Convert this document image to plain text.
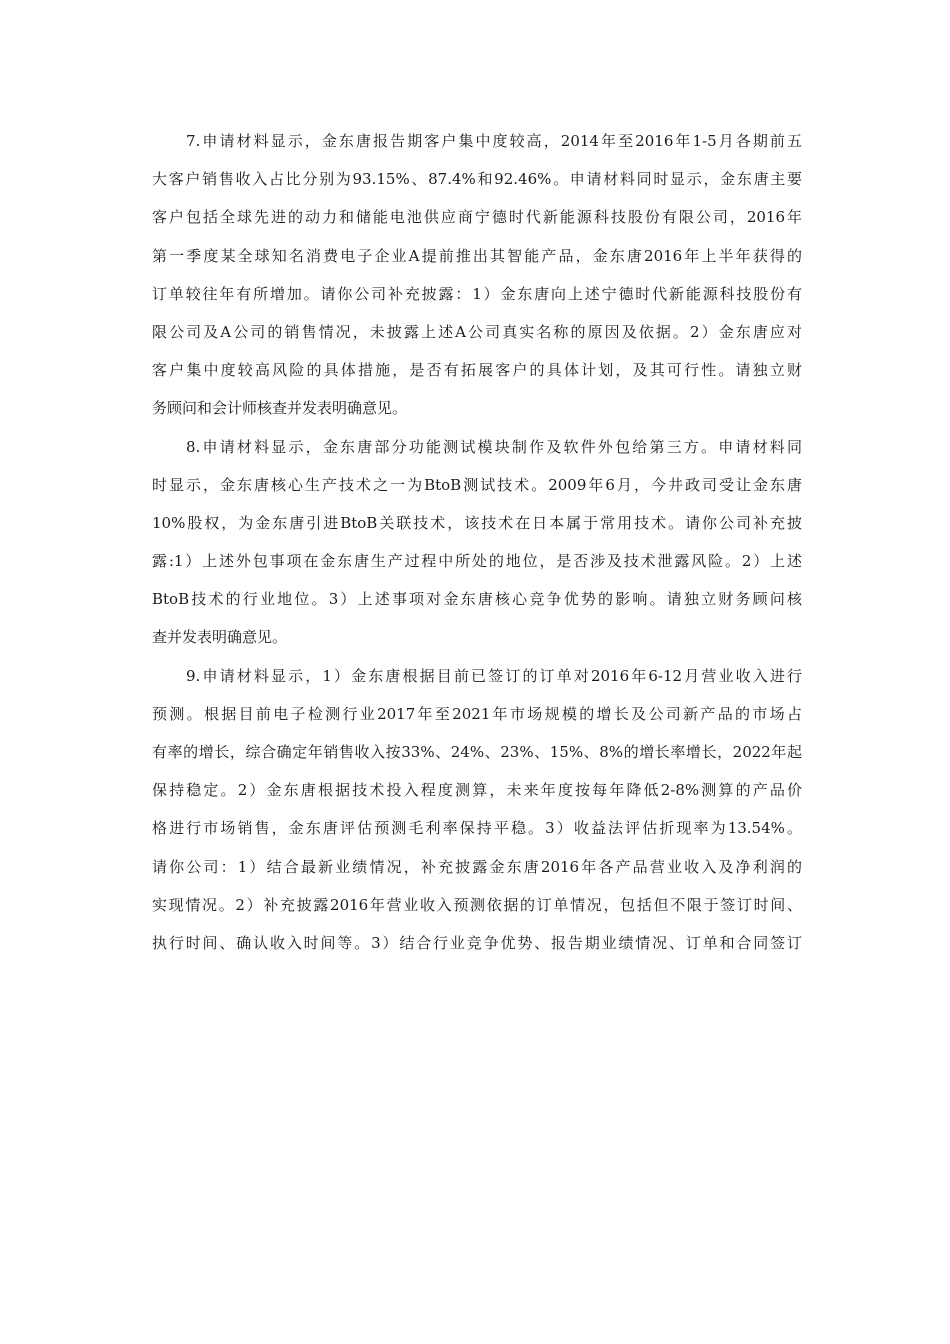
7.申请材料显示，金东唐报告期客户集中度较高，2014年至2016年1-5月各期前五
大客户销售收入占比分别为93.15%、87.4%和92.46%。申请材料同时显示，金东唐主要
客户包括全球先进的动力和储能电池供应商宁德时代新能源科技股份有限公司，2016年
第一季度某全球知名消费电子企业A提前推出其智能产品，金东唐2016年上半年获得的
订单较往年有所增加。请你公司补充披露：1）金东唐向上述宁德时代新能源科技股份有
限公司及A公司的销售情况，未披露上述A公司真实名称的原因及依据。2）金东唐应对
客户集中度较高风险的具体措施，是否有拓展客户的具体计划，及其可行性。请独立财
务顾问和会计师核查并发表明确意见。
8.申请材料显示，金东唐部分功能测试模块制作及软件外包给第三方。申请材料同
时显示，金东唐核心生产技术之一为BtoB测试技术。2009年6月，今井政司受让金东唐
10%股权，为金东唐引进BtoB关联技术，该技术在日本属于常用技术。请你公司补充披
露:1）上述外包事项在金东唐生产过程中所处的地位，是否涉及技术泄露风险。2）上述
BtoB技术的行业地位。3）上述事项对金东唐核心竞争优势的影响。请独立财务顾问核
查并发表明确意见。
9.申请材料显示，1）金东唐根据目前已签订的订单对2016年6-12月营业收入进行
预测。根据目前电子检测行业2017年至2021年市场规模的增长及公司新产品的市场占
有率的增长，综合确定年销售收入按33%、24%、23%、15%、8%的增长率增长，2022年起
保持稳定。2）金东唐根据技术投入程度测算，未来年度按每年降低2-8%测算的产品价
格进行市场销售，金东唐评估预测毛利率保持平稳。3）收益法评估折现率为13.54%。
请你公司：1）结合最新业绩情况，补充披露金东唐2016年各产品营业收入及净利润的
实现情况。2）补充披露2016年营业收入预测依据的订单情况，包括但不限于签订时间、
执行时间、确认收入时间等。3）结合行业竞争优势、报告期业绩情况、订单和合同签订
